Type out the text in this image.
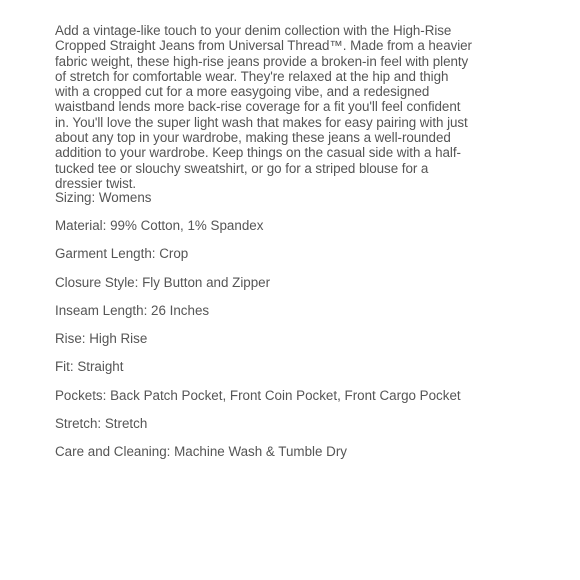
Add a vintage-like touch to your denim collection with the High-Rise Cropped Straight Jeans from Universal Thread™. Made from a heavier fabric weight, these high-rise jeans provide a broken-in feel with plenty of stretch for comfortable wear. They're relaxed at the hip and thigh with a cropped cut for a more easygoing vibe, and a redesigned waistband lends more back-rise coverage for a fit you'll feel confident in. You'll love the super light wash that makes for easy pairing with just about any top in your wardrobe, making these jeans a well-rounded addition to your wardrobe. Keep things on the casual side with a half-tucked tee or slouchy sweatshirt, or go for a striped blouse for a dressier twist.

Sizing: Womens
Material: 99% Cotton, 1% Spandex
Garment Length: Crop
Closure Style: Fly Button and Zipper
Inseam Length: 26 Inches
Rise: High Rise
Fit: Straight
Pockets: Back Patch Pocket, Front Coin Pocket, Front Cargo Pocket
Stretch: Stretch
Care and Cleaning: Machine Wash & Tumble Dry
